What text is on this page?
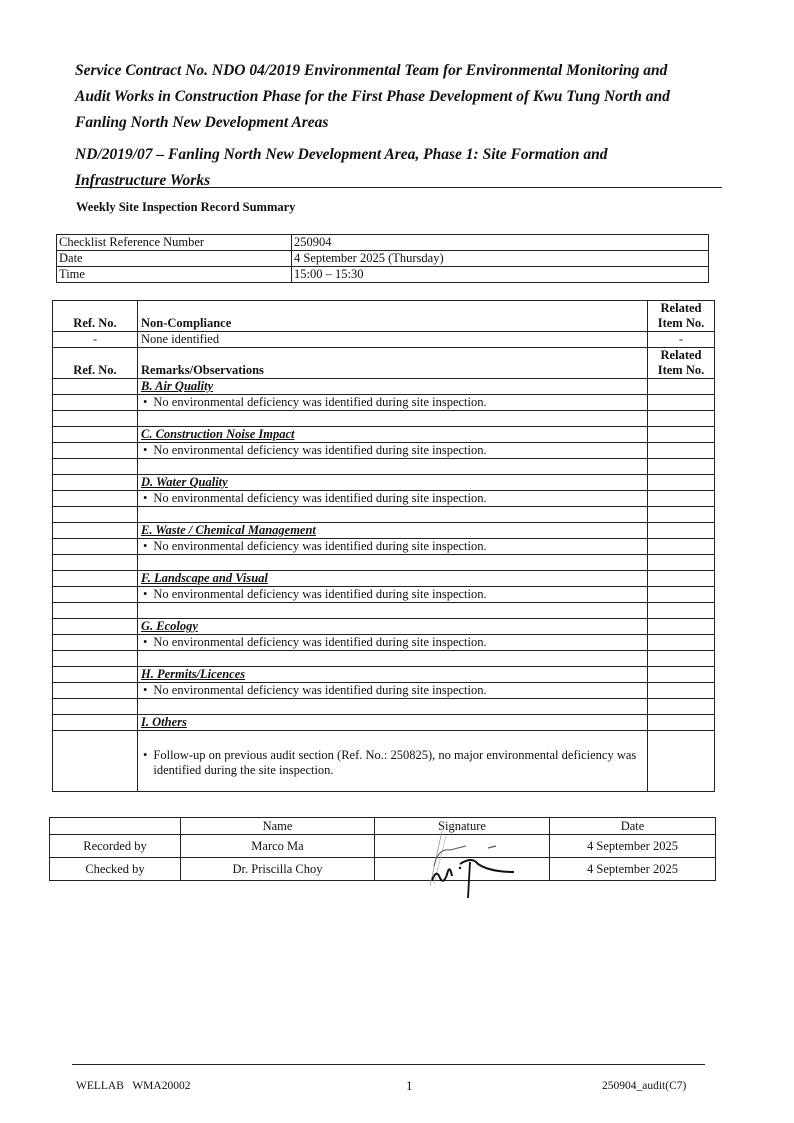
Service Contract No. NDO 04/2019 Environmental Team for Environmental Monitoring and

Audit Works in Construction Phase for the First Phase Development of Kwu Tung North and

Fanling North New Development Areas

ND/2019/07 – Fanling North New Development Area, Phase 1: Site Formation and

Infrastructure Works

Weekly Site Inspection Record Summary
Checklist Reference Number	250904
Date	4 September 2025 (Thursday)
Time	15:00 – 15:30
Ref. No.	Non-Compliance	Related
Item No.
-	None identified	-
Ref. No.	Remarks/Observations	Related
Item No.
	B. Air Quality	
	• No environmental deficiency was identified during site inspection.	

	C. Construction Noise Impact	
	• No environmental deficiency was identified during site inspection.	

	D. Water Quality	
	• No environmental deficiency was identified during site inspection.	

	E. Waste / Chemical Management	
	• No environmental deficiency was identified during site inspection.	

	F. Landscape and Visual	
	• No environmental deficiency was identified during site inspection.	

	G. Ecology	
	• No environmental deficiency was identified during site inspection.	

	H. Permits/Licences	
	• No environmental deficiency was identified during site inspection.	

	I. Others	

	• Follow-up on previous audit section (Ref. No.: 250825), no major environmental deficiency was identified during the site inspection.	

	Name	Signature	Date
Recorded by	Marco Ma		4 September 2025
Checked by	Dr. Priscilla Choy		4 September 2025
WELLAB   WMA20002	1	250904_audit(C7)
